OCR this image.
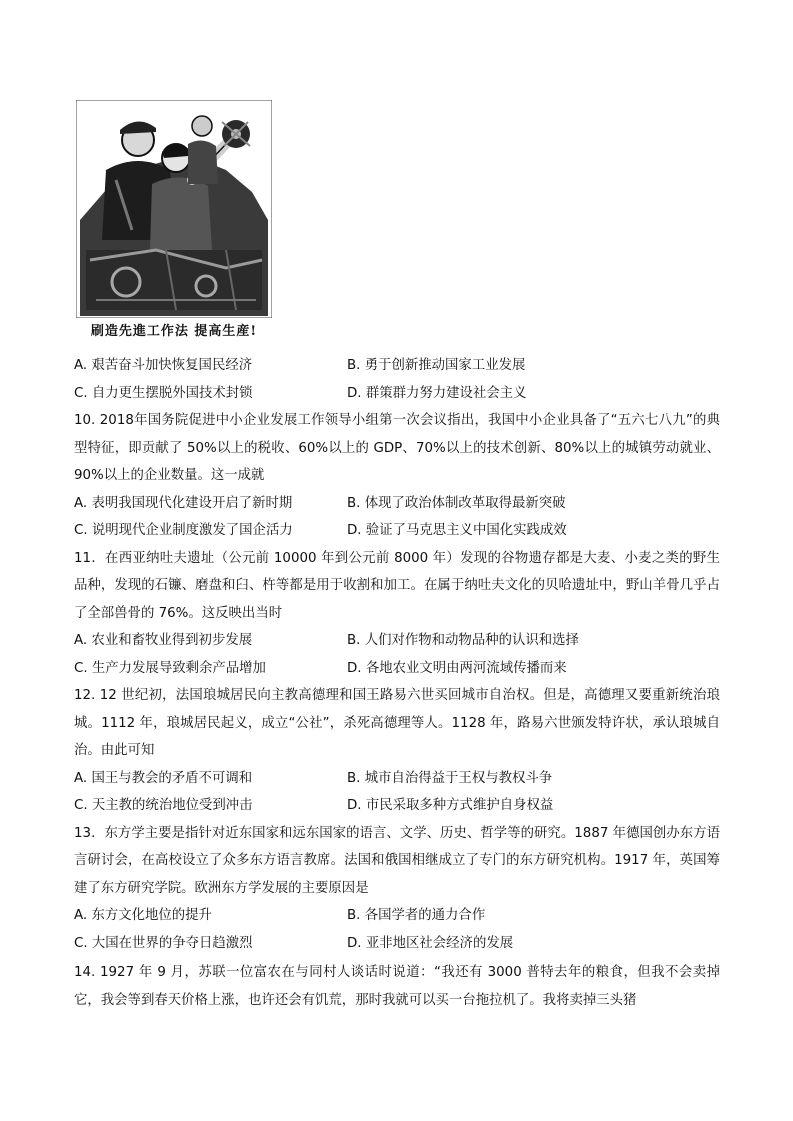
刷造先進工作法 提高生産!
A. 艰苦奋斗加快恢复国民经济	B. 勇于创新推动国家工业发展
C. 自力更生摆脱外国技术封锁	D. 群策群力努力建设社会主义

10. 2018年国务院促进中小企业发展工作领导小组第一次会议指出，我国中小企业具备了“五六七八九”的典型特征，即贡献了 50%以上的税收、60%以上的 GDP、70%以上的技术创新、80%以上的城镇劳动就业、90%以上的企业数量。这一成就

A. 表明我国现代化建设开启了新时期	B. 体现了政治体制改革取得最新突破
C. 说明现代企业制度激发了国企活力	D. 验证了马克思主义中国化实践成效

11．在西亚纳吐夫遗址（公元前 10000 年到公元前 8000 年）发现的谷物遗存都是大麦、小麦之类的野生品种，发现的石镰、磨盘和臼、杵等都是用于收割和加工。在属于纳吐夫文化的贝哈遗址中，野山羊骨几乎占了全部兽骨的 76%。这反映出当时

A. 农业和畜牧业得到初步发展	B. 人们对作物和动物品种的认识和选择
C. 生产力发展导致剩余产品增加	D. 各地农业文明由两河流域传播而来

12. 12 世纪初，法国琅城居民向主教高德理和国王路易六世买回城市自治权。但是，高德理又要重新统治琅城。1112 年，琅城居民起义，成立“公社”，杀死高德理等人。1128 年，路易六世颁发特许状，承认琅城自治。由此可知

A. 国王与教会的矛盾不可调和	B. 城市自治得益于王权与教权斗争
C. 天主教的统治地位受到冲击	D. 市民采取多种方式维护自身权益

13．东方学主要是指针对近东国家和远东国家的语言、文学、历史、哲学等的研究。1887 年德国创办东方语言研讨会，在高校设立了众多东方语言教席。法国和俄国相继成立了专门的东方研究机构。1917 年，英国筹建了东方研究学院。欧洲东方学发展的主要原因是

A. 东方文化地位的提升	B. 各国学者的通力合作
C. 大国在世界的争夺日趋激烈	D. 亚非地区社会经济的发展

14. 1927 年 9 月，苏联一位富农在与同村人谈话时说道：“我还有 3000 普特去年的粮食，但我不会卖掉它，我会等到春天价格上涨，也许还会有饥荒，那时我就可以买一台拖拉机了。我将卖掉三头猪
